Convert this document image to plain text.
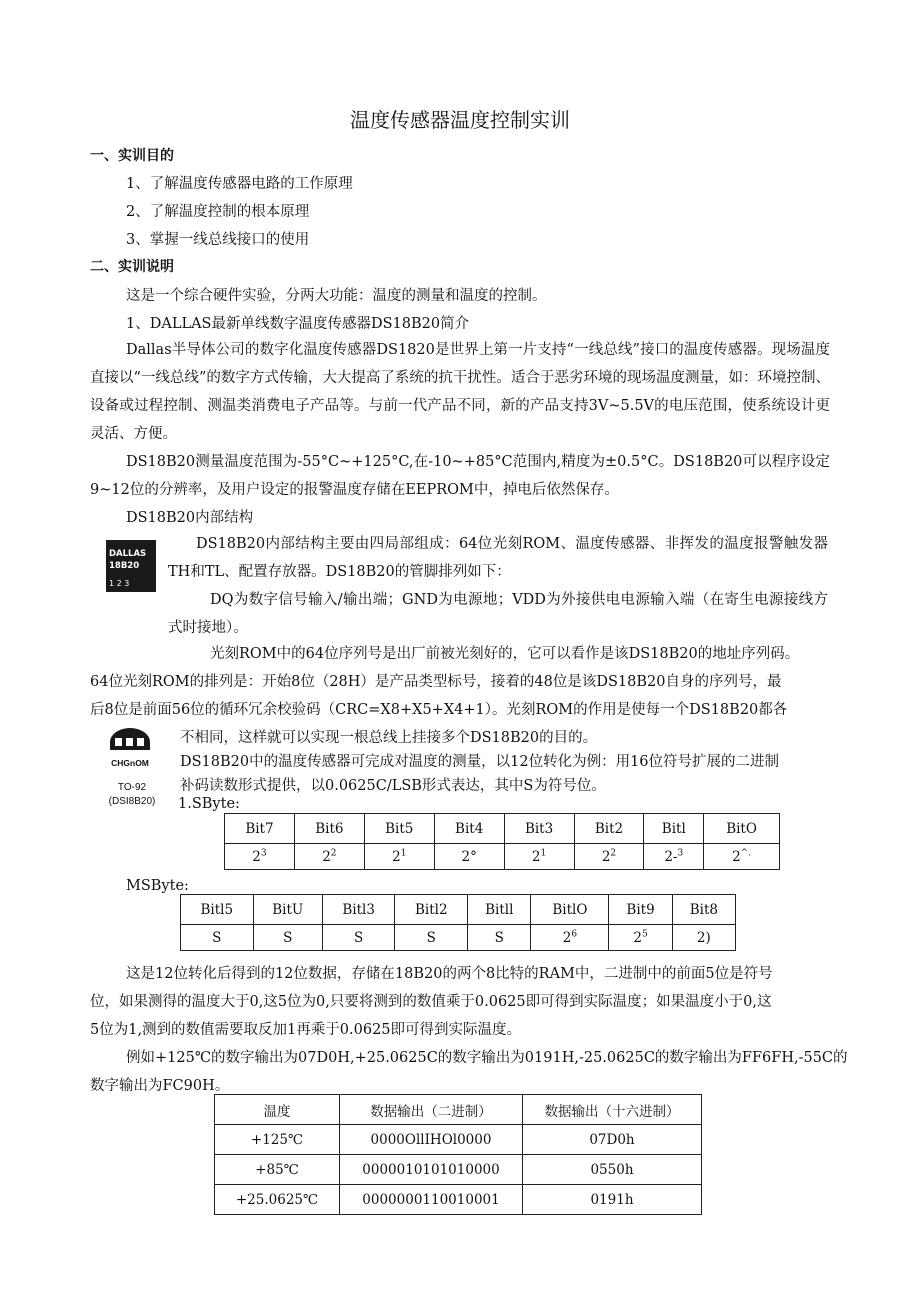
温度传感器温度控制实训
一、实训目的
1、了解温度传感器电路的工作原理
2、了解温度控制的根本原理
3、掌握一线总线接口的使用
二、实训说明
这是一个综合硬件实验，分两大功能：温度的测量和温度的控制。
1、DALLAS最新单线数字温度传感器DS18B20简介
Dallas半导体公司的数字化温度传感器DS1820是世界上第一片支持“一线总线”接口的温度传感器。现场温度直接以“一线总线”的数字方式传输，大大提高了系统的抗干扰性。适合于恶劣环境的现场温度测量，如：环境控制、设备或过程控制、测温类消费电子产品等。与前一代产品不同，新的产品支持3V~5.5V的电压范围，使系统设计更灵活、方便。
DS18B20测量温度范围为-55°C~+125°C,在-10~+85°C范围内,精度为±0.5°C。DS18B20可以程序设定9~12位的分辨率，及用户设定的报警温度存储在EEPROM中，掉电后依然保存。
DS18B20内部结构
DALLAS
18B20
1 2 3
DS18B20内部结构主要由四局部组成：64位光刻ROM、温度传感器、非挥发的温度报警触发器TH和TL、配置存放器。DS18B20的管脚排列如下：
DQ为数字信号输入/输出端；GND为电源地；VDD为外接供电电源输入端（在寄生电源接线方式时接地）。
光刻ROM中的64位序列号是出厂前被光刻好的，它可以看作是该DS18B20的地址序列码。
64位光刻ROM的排列是：开始8位（28H）是产品类型标号，接着的48位是该DS18B20自身的序列号，最
后8位是前面56位的循环冗余校验码（CRC=X8+X5+X4+1）。光刻ROM的作用是使每一个DS18B20都各
不相同，这样就可以实现一根总线上挂接多个DS18B20的目的。
CHGnOM
TO-92
(DSI8B20)
DS18B20中的温度传感器可完成对温度的测量，以12位转化为例：用16位符号扩展的二进制
补码读数形式提供，以0.0625C/LSB形式表达，其中S为符号位。
1.SByte:
Bit7	Bit6	Bit5	Bit4	Bit3	Bit2	Bitl	BitO
$2^3$	$2^2$	$2^1$	2°	$2^1$	$2^2$	2-$^3$	2^.
MSByte:
Bitl5	BitU	Bitl3	Bitl2	Bitll	BitlO	Bit9	Bit8
S	S	S	S	S	$2^6$	$2^5$	2)
这是12位转化后得到的12位数据，存储在18B20的两个8比特的RAM中，二进制中的前面5位是符号
位，如果测得的温度大于0,这5位为0,只要将测到的数值乘于0.0625即可得到实际温度；如果温度小于0,这
5位为1,测到的数值需要取反加1再乘于0.0625即可得到实际温度。
例如+125℃的数字输出为07D0H,+25.0625C的数字输出为0191H,-25.0625C的数字输出为FF6FH,-55C的
数字输出为FC90H。
温度	数据输出（二进制）	数据输出（十六进制）
+125℃	0000OllIHOl0000	07D0h
+85℃	0000010101010000	0550h
+25.0625℃	0000000110010001	0191h
